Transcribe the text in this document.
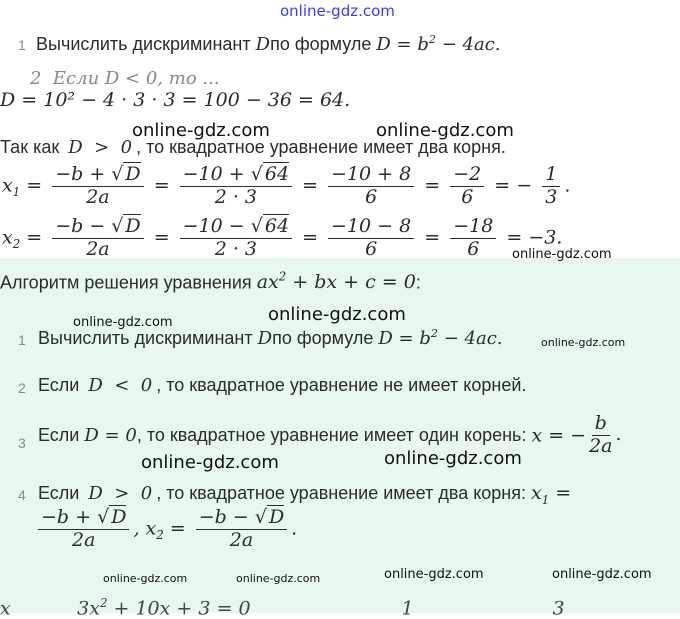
online-gdz.com
1 Вычислить дискриминант Dпо формуле $D = b^2 - 4ac$.
2  Если D < 0, то ...
D = 10² − 4 · 3 · 3 = 100 − 36 = 64.
Так как D  >  0 , то квадратное уравнение имеет два корня.
$x_1 = \frac{-b + √ D}{2a} = \frac{-10 + √ 64}{2 \cdot 3} = \frac{-10 + 8}{6} = \frac{-2}{6}$ = − $\frac{1}{3}$ .
$x_2 = \frac{-b - √ D}{2a} = \frac{-10 - √ 64}{2 \cdot 3} = \frac{-10 - 8}{6} = \frac{-18}{6} = -3$.
Алгоритм решения уравнения $ax^2$ + bx + c = 0:
1 Вычислить дискриминант Dпо формуле $D = b^2 - 4ac$.
2 Если D  <  0 , то квадратное уравнение не имеет корней.
3 Если D = 0, то квадратное уравнение имеет один корень: x = − $\frac{b}{2a}$ .
4 Если D  >  0 , то квадратное уравнение имеет два корня: $x_1$ =
$\frac{-b + √ D}{2a}$ , $x_2 = \frac{-b - √ D}{2a}$ .
x           $3x^2 + 10x + 3 = 0$                         1                       3
online-gdz.com	online-gdz.com
online-gdz.com
online-gdz.com
online-gdz.com
online-gdz.com
online-gdz.com	online-gdz.com
online-gdz.com	online-gdz.com	online-gdz.com	online-gdz.com
